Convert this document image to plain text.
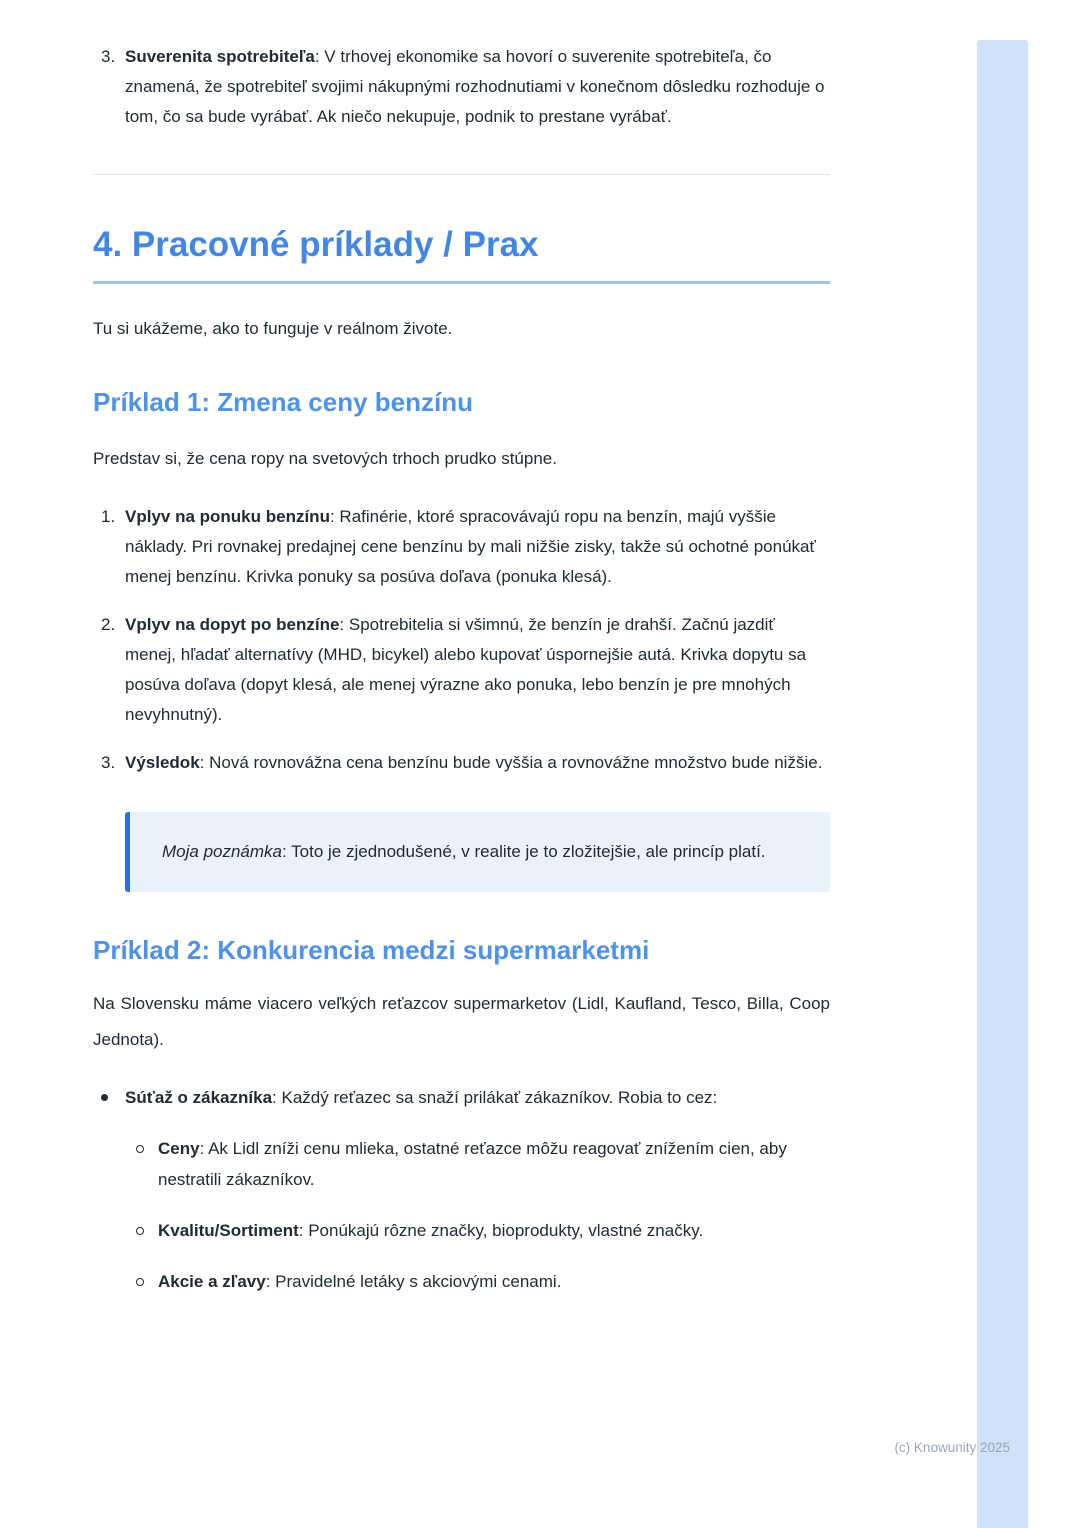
3. Suverenita spotrebiteľa: V trhovej ekonomike sa hovorí o suverenite spotrebiteľa, čo znamená, že spotrebiteľ svojimi nákupnými rozhodnutiami v konečnom dôsledku rozhoduje o tom, čo sa bude vyrábať. Ak niečo nekupuje, podnik to prestane vyrábať.
4. Pracovné príklady / Prax

Tu si ukážeme, ako to funguje v reálnom živote.

Príklad 1: Zmena ceny benzínu

Predstav si, že cena ropy na svetových trhoch prudko stúpne.

1. Vplyv na ponuku benzínu: Rafinérie, ktoré spracovávajú ropu na benzín, majú vyššie náklady. Pri rovnakej predajnej cene benzínu by mali nižšie zisky, takže sú ochotné ponúkať menej benzínu. Krivka ponuky sa posúva doľava (ponuka klesá).
2. Vplyv na dopyt po benzíne: Spotrebitelia si všimnú, že benzín je drahší. Začnú jazdiť menej, hľadať alternatívy (MHD, bicykel) alebo kupovať úspornejšie autá. Krivka dopytu sa posúva doľava (dopyt klesá, ale menej výrazne ako ponuka, lebo benzín je pre mnohých nevyhnutný).
3. Výsledok: Nová rovnovážna cena benzínu bude vyššia a rovnovážne množstvo bude nižšie.

Moja poznámka: Toto je zjednodušené, v realite je to zložitejšie, ale princíp platí.

Príklad 2: Konkurencia medzi supermarketmi

Na Slovensku máme viacero veľkých reťazcov supermarketov (Lidl, Kaufland, Tesco, Billa, Coop Jednota).

Súťaž o zákazníka: Každý reťazec sa snaží prilákať zákazníkov. Robia to cez:
Ceny: Ak Lidl zníži cenu mlieka, ostatné reťazce môžu reagovať znížením cien, aby nestratili zákazníkov.
Kvalitu/Sortiment: Ponúkajú rôzne značky, bioprodukty, vlastné značky.
Akcie a zľavy: Pravidelné letáky s akciovými cenami.
(c) Knowunity 2025
